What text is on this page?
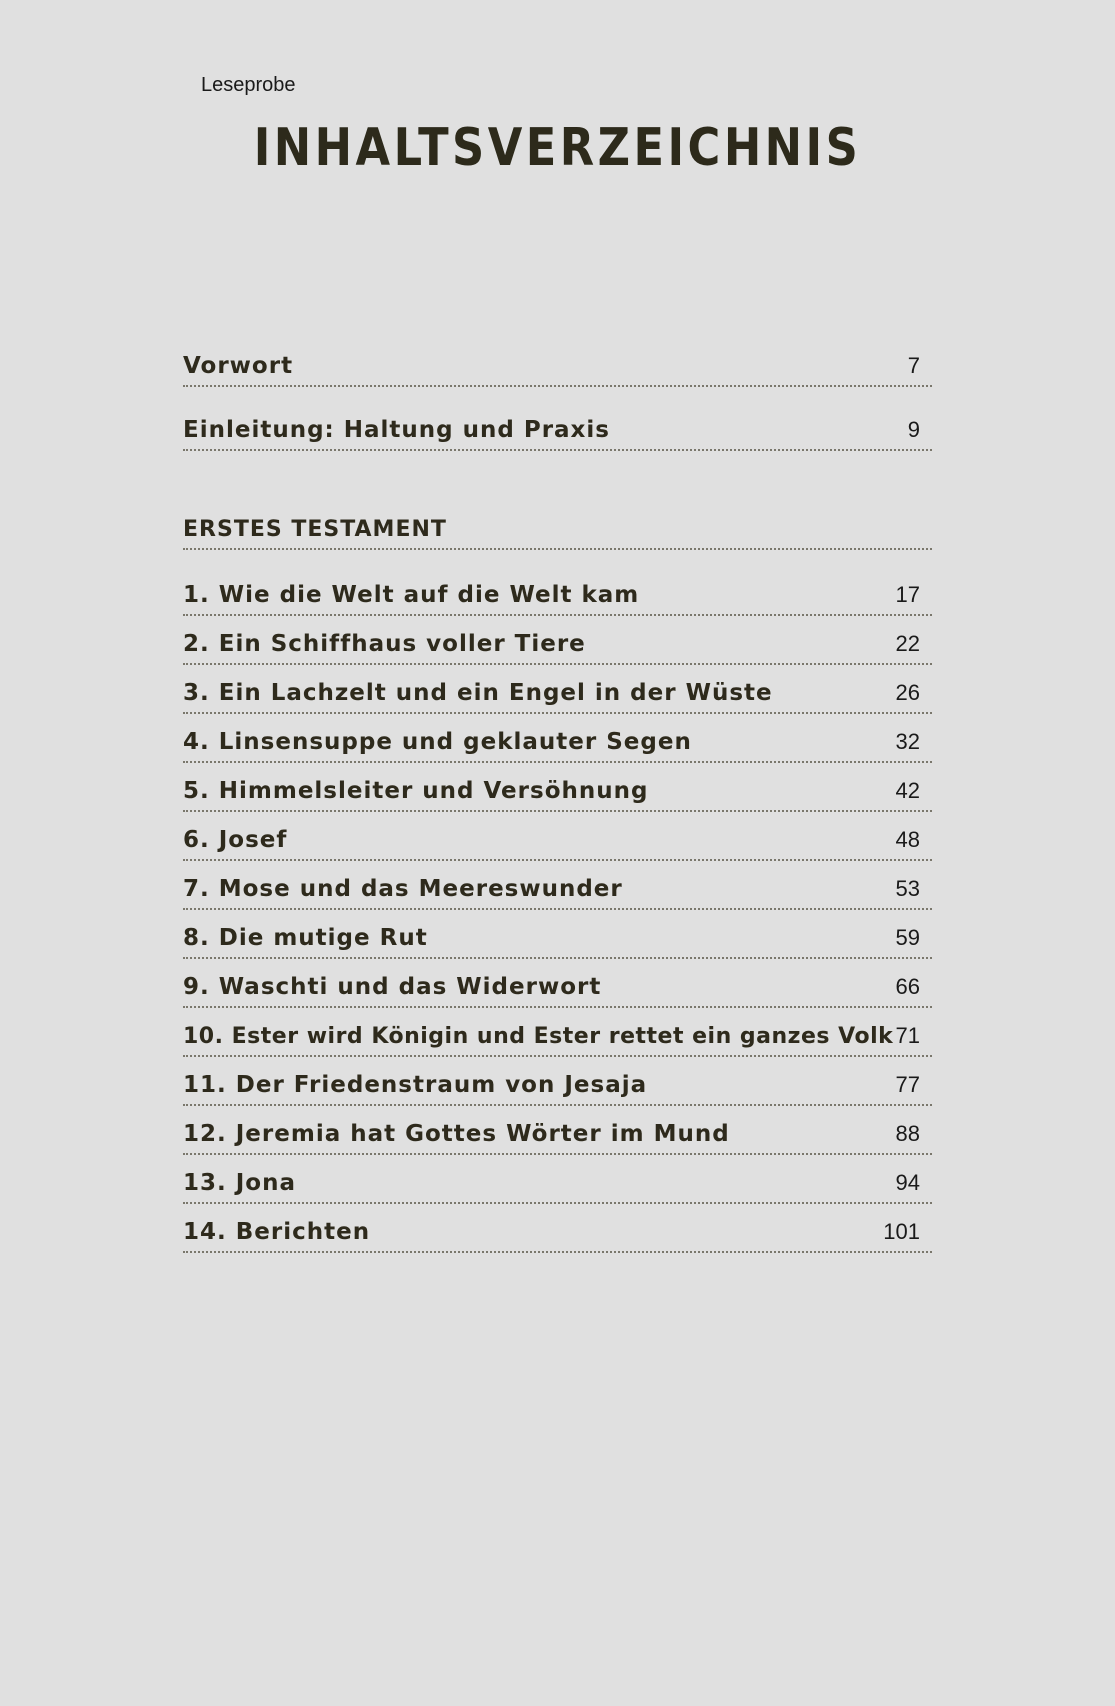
Leseprobe
INHALTSVERZEICHNIS
Vorwort	7
Einleitung: Haltung und Praxis	9
ERSTES TESTAMENT
1. Wie die Welt auf die Welt kam	17
2. Ein Schiffhaus voller Tiere	22
3. Ein Lachzelt und ein Engel in der Wüste	26
4. Linsensuppe und geklauter Segen	32
5. Himmelsleiter und Versöhnung	42
6. Josef	48
7. Mose und das Meereswunder	53
8. Die mutige Rut	59
9. Waschti und das Widerwort	66
10. Ester wird Königin und Ester rettet ein ganzes Volk 71
11. Der Friedenstraum von Jesaja	77
12. Jeremia hat Gottes Wörter im Mund	88
13. Jona	94
14. Berichten	101
